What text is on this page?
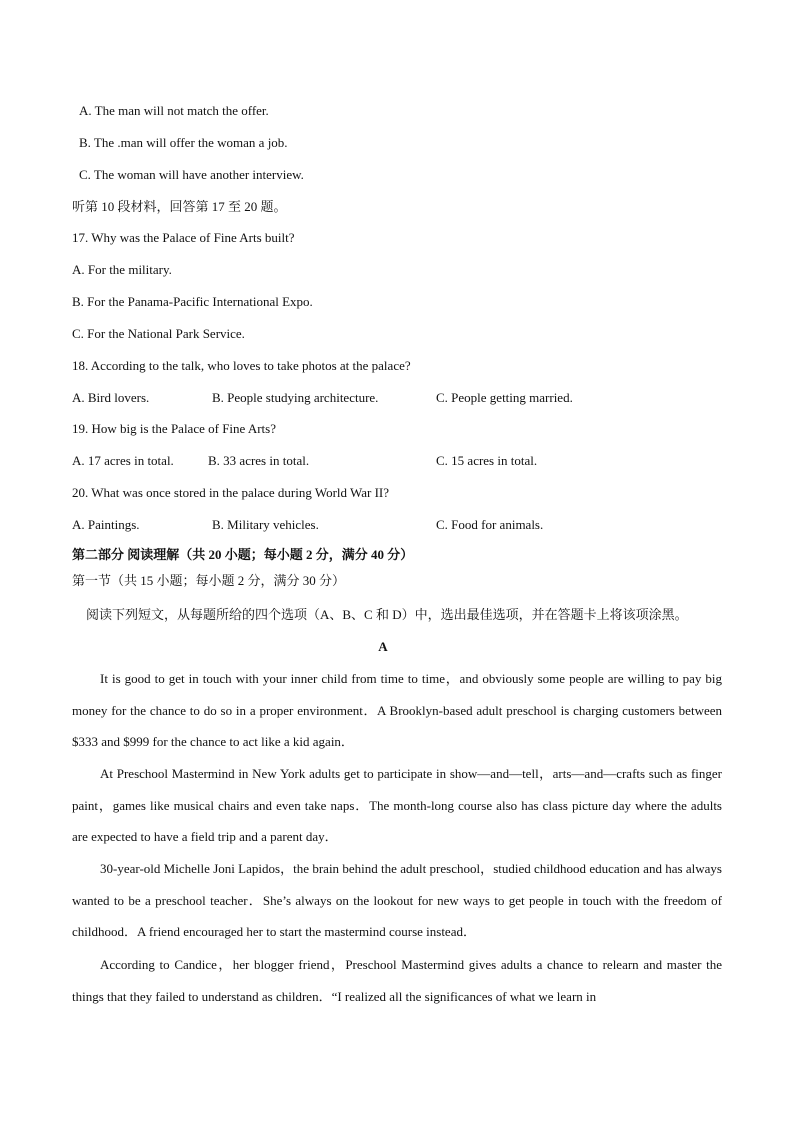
A. The man will not match the offer.
B. The .man will offer the woman a job.
C. The woman will have another interview.
听第 10 段材料，回答第 17 至 20 题。
17. Why was the Palace of Fine Arts built?
A. For the military.
B. For the Panama-Pacific International Expo.
C. For the National Park Service.
18. According to the talk, who loves to take photos at the palace?
A. Bird lovers.	B. People studying architecture.	C. People getting married.
19. How big is the Palace of Fine Arts?
A. 17 acres in total.	B. 33 acres in total.	C. 15 acres in total.
20. What was once stored in the palace during World War II?
A. Paintings.	B. Military vehicles.	C. Food for animals.
第二部分 阅读理解（共 20 小题；每小题 2 分，满分 40 分）
第一节（共 15 小题；每小题 2 分，满分 30 分）
阅读下列短文，从每题所给的四个选项（A、B、C 和 D）中，选出最佳选项，并在答题卡上将该项涂黑。
A
It is good to get in touch with your inner child from time to time，and obviously some people are willing to pay big money for the chance to do so in a proper environment．A Brooklyn-based adult preschool is charging customers between $333 and $999 for the chance to act like a kid again．
At Preschool Mastermind in New York adults get to participate in show—and—tell，arts—and—crafts such as finger paint，games like musical chairs and even take naps．The month-long course also has class picture day where the adults are expected to have a field trip and a parent day．
30-year-old Michelle Joni Lapidos，the brain behind the adult preschool，studied childhood education and has always wanted to be a preschool teacher．She’s always on the lookout for new ways to get people in touch with the freedom of childhood．A friend encouraged her to start the mastermind course instead．
According to Candice，her blogger friend，Preschool Mastermind gives adults a chance to relearn and master the things that they failed to understand as children．“I realized all the significances of what we learn in
